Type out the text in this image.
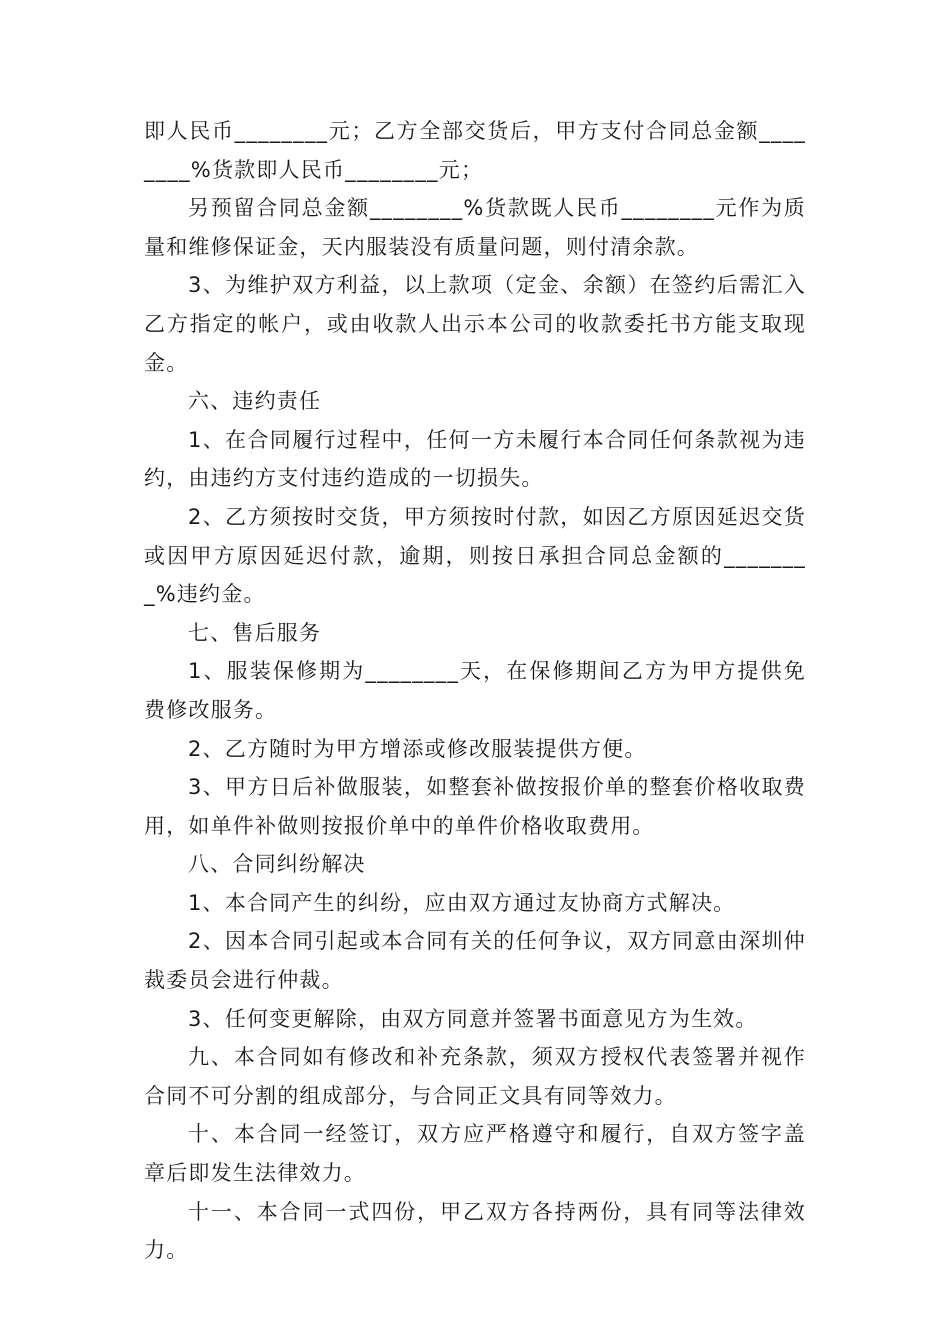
即人民币________元；乙方全部交货后，甲方支付合同总金额________%货款即人民币________元；

另预留合同总金额________%货款既人民币________元作为质量和维修保证金，天内服装没有质量问题，则付清余款。

3、为维护双方利益，以上款项（定金、余额）在签约后需汇入乙方指定的帐户，或由收款人出示本公司的收款委托书方能支取现金。

六、违约责任

1、在合同履行过程中，任何一方未履行本合同任何条款视为违约，由违约方支付违约造成的一切损失。

2、乙方须按时交货，甲方须按时付款，如因乙方原因延迟交货或因甲方原因延迟付款，逾期，则按日承担合同总金额的________%违约金。

七、售后服务

1、服装保修期为________天，在保修期间乙方为甲方提供免费修改服务。

2、乙方随时为甲方增添或修改服装提供方便。

3、甲方日后补做服装，如整套补做按报价单的整套价格收取费用，如单件补做则按报价单中的单件价格收取费用。

八、合同纠纷解决

1、本合同产生的纠纷，应由双方通过友协商方式解决。

2、因本合同引起或本合同有关的任何争议，双方同意由深圳仲裁委员会进行仲裁。

3、任何变更解除，由双方同意并签署书面意见方为生效。

九、本合同如有修改和补充条款，须双方授权代表签署并视作合同不可分割的组成部分，与合同正文具有同等效力。

十、本合同一经签订，双方应严格遵守和履行，自双方签字盖章后即发生法律效力。

十一、本合同一式四份，甲乙双方各持两份，具有同等法律效力。
